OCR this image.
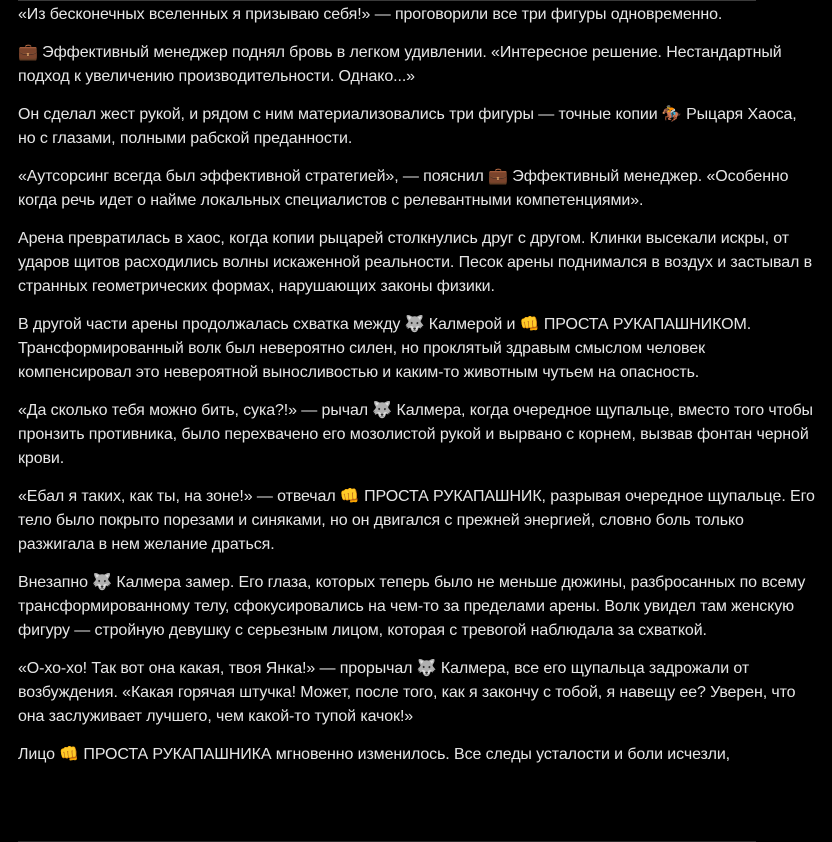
«Из бесконечных вселенных я призываю себя!» — проговорили все три фигуры одновременно.

💼 Эффективный менеджер поднял бровь в легком удивлении. «Интересное решение. Нестандартный подход к увеличению производительности. Однако...»

Он сделал жест рукой, и рядом с ним материализовались три фигуры — точные копии 🏇 Рыцаря Хаоса, но с глазами, полными рабской преданности.

«Аутсорсинг всегда был эффективной стратегией», — пояснил 💼 Эффективный менеджер. «Особенно когда речь идет о найме локальных специалистов с релевантными компетенциями».

Арена превратилась в хаос, когда копии рыцарей столкнулись друг с другом. Клинки высекали искры, от ударов щитов расходились волны искаженной реальности. Песок арены поднимался в воздух и застывал в странных геометрических формах, нарушающих законы физики.

В другой части арены продолжалась схватка между 🐺 Калмерой и 👊 ПРОСТА РУКАПАШНИКОМ. Трансформированный волк был невероятно силен, но проклятый здравым смыслом человек компенсировал это невероятной выносливостью и каким-то животным чутьем на опасность.

«Да сколько тебя можно бить, сука?!» — рычал 🐺 Калмера, когда очередное щупальце, вместо того чтобы пронзить противника, было перехвачено его мозолистой рукой и вырвано с корнем, вызвав фонтан черной крови.

«Ебал я таких, как ты, на зоне!» — отвечал 👊 ПРОСТА РУКАПАШНИК, разрывая очередное щупальце. Его тело было покрыто порезами и синяками, но он двигался с прежней энергией, словно боль только разжигала в нем желание драться.

Внезапно 🐺 Калмера замер. Его глаза, которых теперь было не меньше дюжины, разбросанных по всему трансформированному телу, сфокусировались на чем-то за пределами арены. Волк увидел там женскую фигуру — стройную девушку с серьезным лицом, которая с тревогой наблюдала за схваткой.

«О-хо-хо! Так вот она какая, твоя Янка!» — прорычал 🐺 Калмера, все его щупальца задрожали от возбуждения. «Какая горячая штучка! Может, после того, как я закончу с тобой, я навещу ее? Уверен, что она заслуживает лучшего, чем какой-то тупой качок!»

Лицо 👊 ПРОСТА РУКАПАШНИКА мгновенно изменилось. Все следы усталости и боли исчезли,
